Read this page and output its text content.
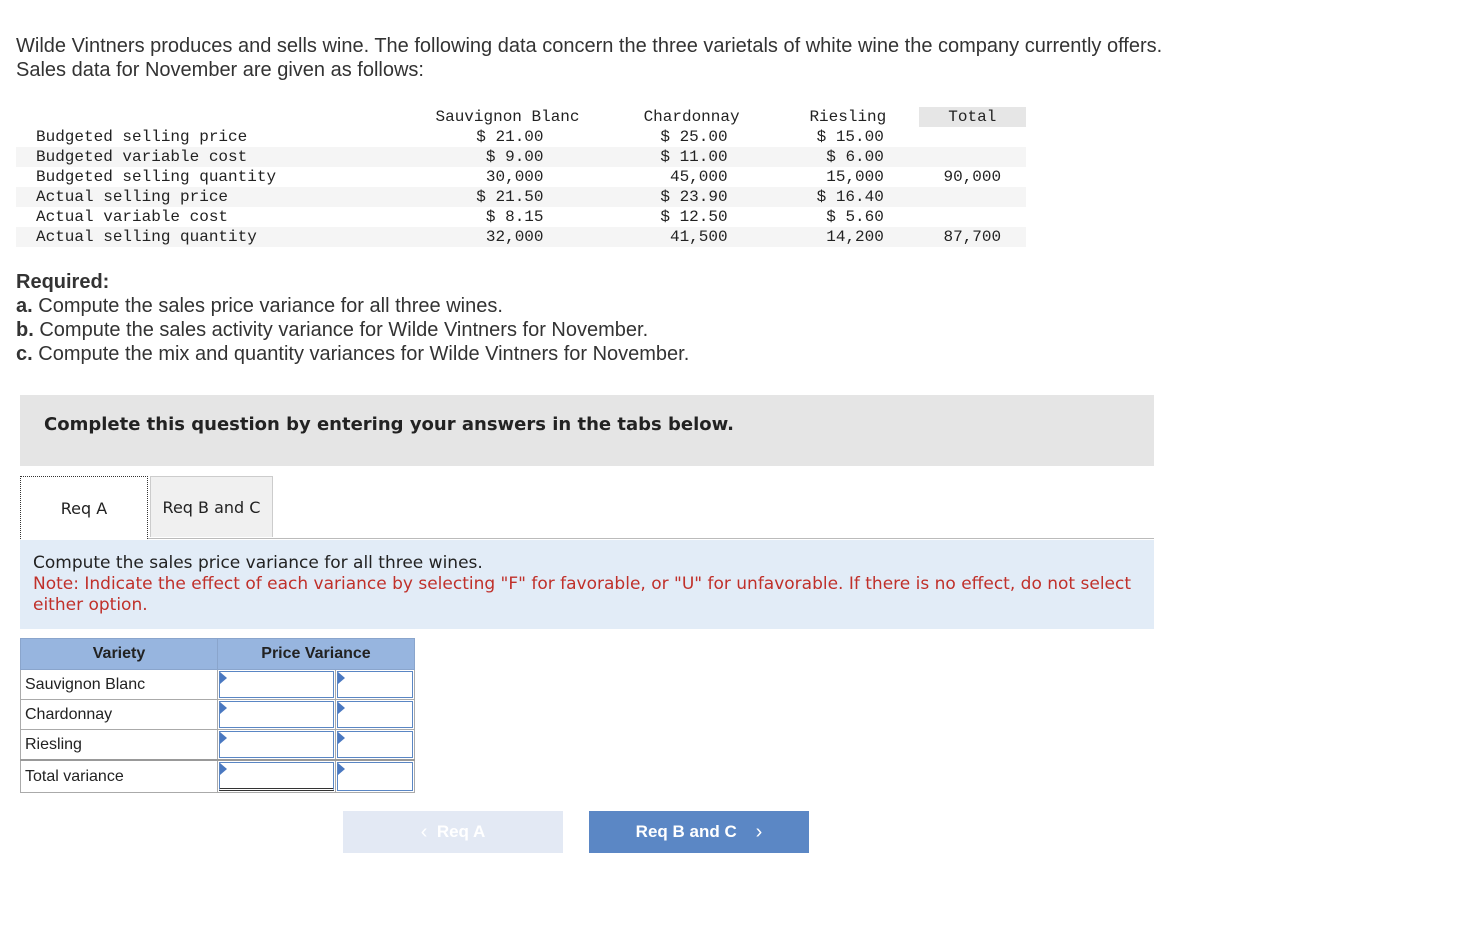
Wilde Vintners produces and sells wine. The following data concern the three varietals of white wine the company currently offers.

Sales data for November are given as follows:

	Sauvignon Blanc	Chardonnay	Riesling	Total
Budgeted selling price	$ 21.00	$ 25.00	$ 15.00	
Budgeted variable cost	$ 9.00	$ 11.00	$ 6.00	
Budgeted selling quantity	30,000	45,000	15,000	90,000
Actual selling price	$ 21.50	$ 23.90	$ 16.40	
Actual variable cost	$ 8.15	$ 12.50	$ 5.60	
Actual selling quantity	32,000	41,500	14,200	87,700

Required:

a. Compute the sales price variance for all three wines.

b. Compute the sales activity variance for Wilde Vintners for November.

c. Compute the mix and quantity variances for Wilde Vintners for November.

Complete this question by entering your answers in the tabs below.
Req A	Req B and C
Compute the sales price variance for all three wines.
Note: Indicate the effect of each variance by selecting "F" for favorable, or "U" for unfavorable. If there is no effect, do not select either option.
Variety	Price Variance	
Sauvignon Blanc	

Chardonnay	

Riesling	

Total variance	

‹
Req A	Req B and C
›
